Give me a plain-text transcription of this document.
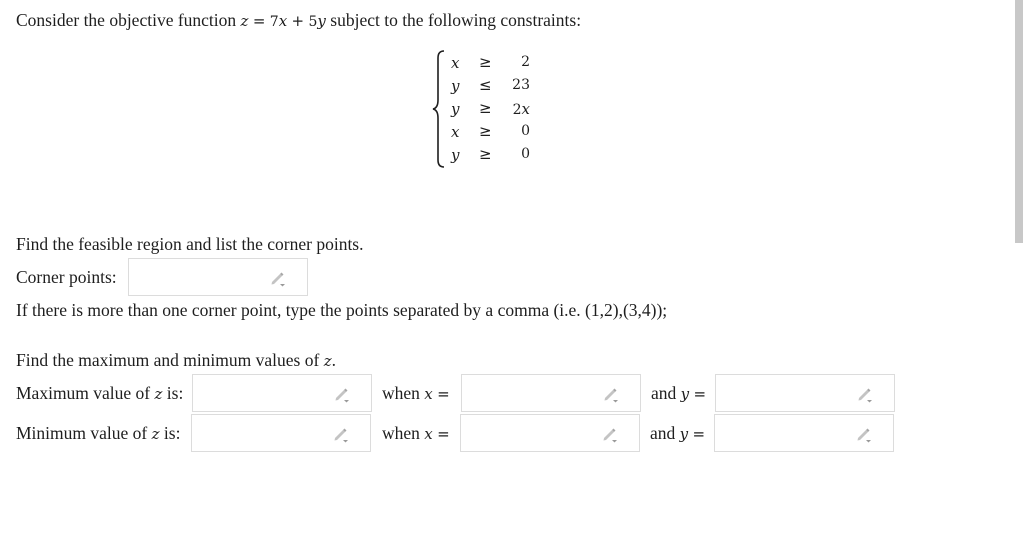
Consider the objective function z = 7x + 5y subject to the following constraints:
x ≥ 2
y ≤ 23
y ≥ 2x
x ≥ 0
y ≥ 0
Find the feasible region and list the corner points.
Corner points:
If there is more than one corner point, type the points separated by a comma (i.e. (1,2),(3,4));
Find the maximum and minimum values of z.
Maximum value of z is:	when x =	and y =
Minimum value of z is:	when x =	and y =
